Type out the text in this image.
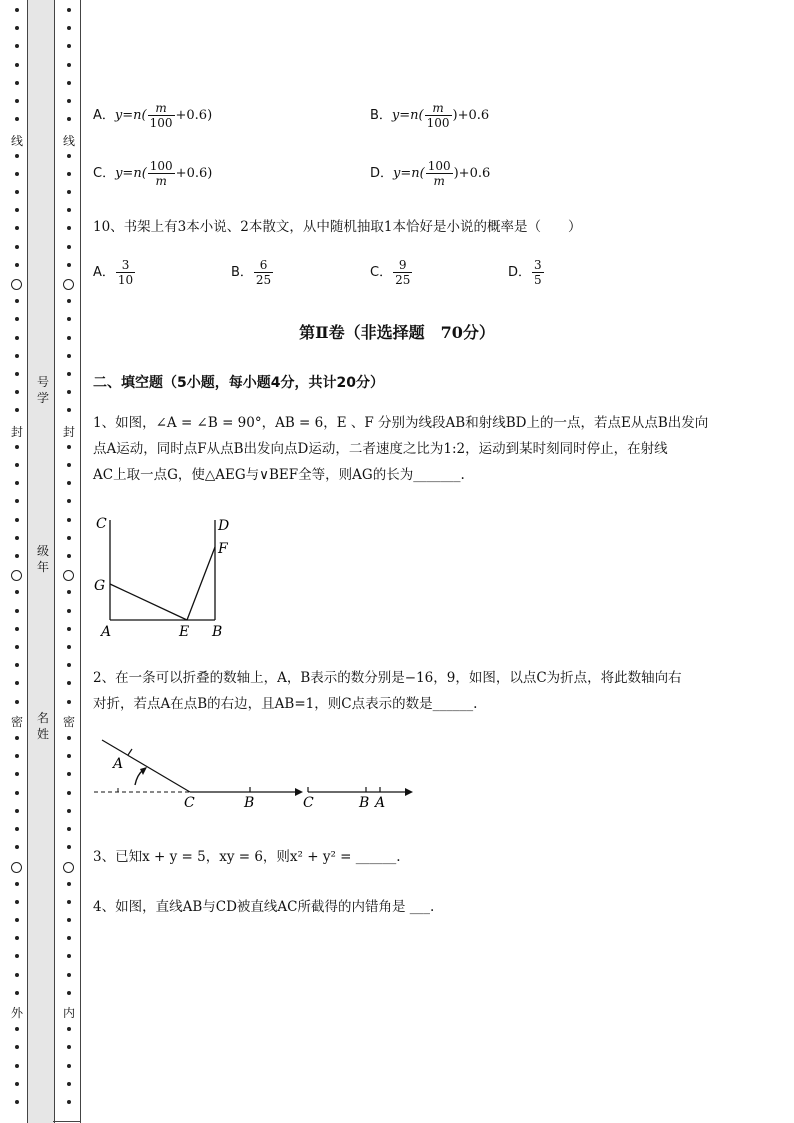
线
封
密
外
线
封
密
内
号
学
级
年
名
姓
A．$y=n( \frac{m}{100} +0.6)$	B．$y=n( \frac{m}{100} )+0.6$
C．$y=n( \frac{100}{m} +0.6)$	D．$y=n( \frac{100}{m} )+0.6$
10、书架上有3本小说、2本散文，从中随机抽取1本恰好是小说的概率是（　　）
A． $\frac{3}{10}$	B． $\frac{6}{25}$	C． $\frac{9}{25}$	D． $\frac{3}{5}$
第Ⅱ卷（非选择题　70分）
二、填空题（5小题，每小题4分，共计20分）
1、如图，∠A = ∠B = 90°，AB = 6，E 、F 分别为线段AB和射线BD上的一点，若点E从点B出发向
点A运动，同时点F从点B出发向点D运动，二者速度之比为1:2，运动到某时刻同时停止，在射线
AC上取一点G，使△AEG与∨BEF全等，则AG的长为_______.
C	D
F
G
A	E B
2、在一条可以折叠的数轴上，A，B表示的数分别是−16，9，如图，以点C为折点，将此数轴向右
对折，若点A在点B的右边，且AB=1，则C点表示的数是______.
A
C	B	C	B A
3、已知x + y = 5，xy = 6，则x² + y² = ______.
4、如图，直线AB与CD被直线AC所截得的内错角是 ___.
